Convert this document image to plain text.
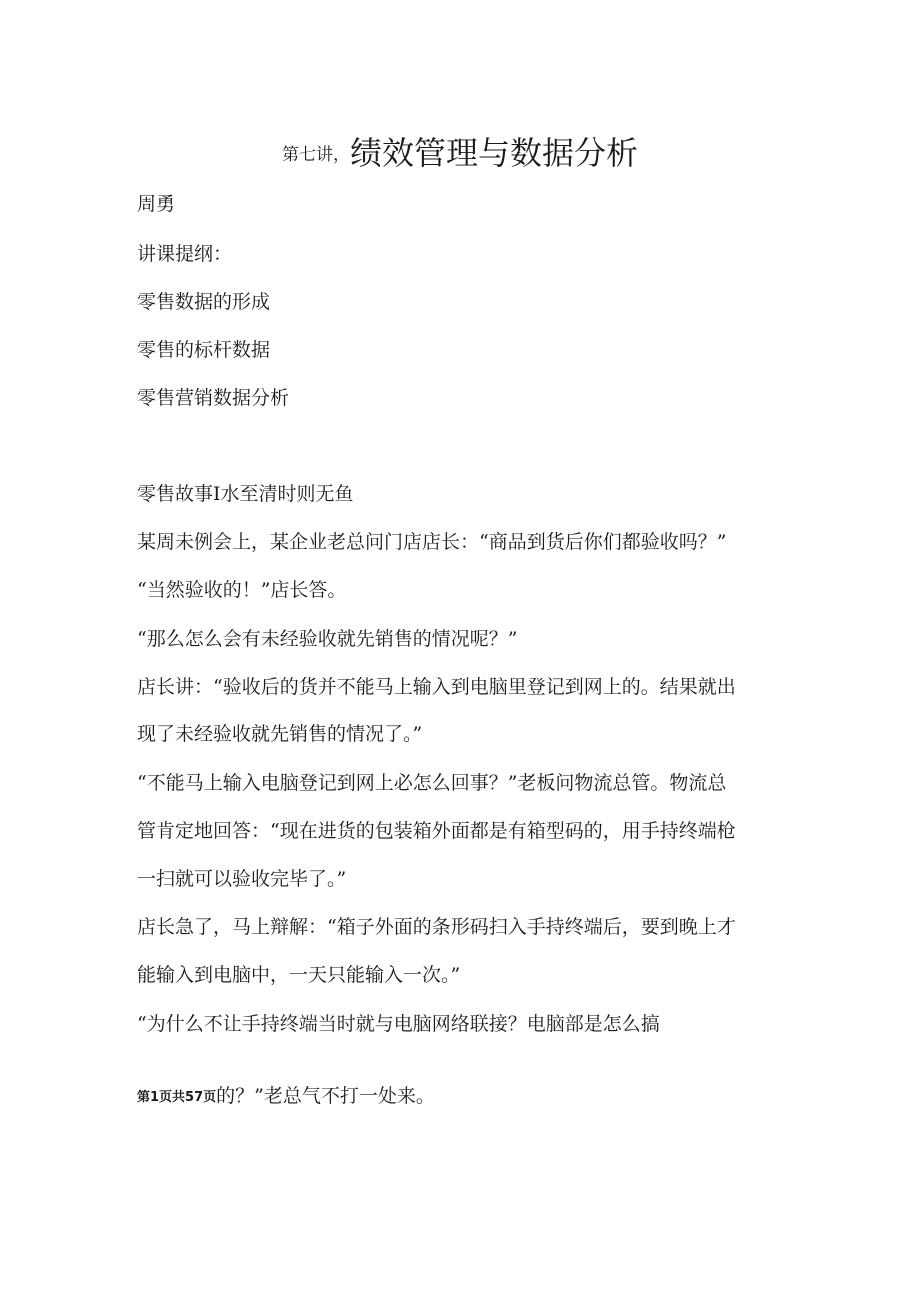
第七讲，绩效管理与数据分析
周勇
讲课提纲：
零售数据的形成
零售的标杆数据
零售营销数据分析
零售故事Ι水至清时则无鱼
某周未例会上，某企业老总问门店店长：“商品到货后你们都验收吗？”
“当然验收的！”店长答。
“那么怎么会有未经验收就先销售的情况呢？”
店长讲：“验收后的货并不能马上输入到电脑里登记到网上的。结果就出
现了未经验收就先销售的情况了。”
“不能马上输入电脑登记到网上必怎么回事？”老板问物流总管。物流总
管肯定地回答：“现在进货的包装箱外面都是有箱型码的，用手持终端枪
一扫就可以验收完毕了。”
店长急了，马上辩解：“箱子外面的条形码扫入手持终端后，要到晚上才
能输入到电脑中，一天只能输入一次。”
“为什么不让手持终端当时就与电脑网络联接？电脑部是怎么搞
第1页共57页的？”老总气不打一处来。
